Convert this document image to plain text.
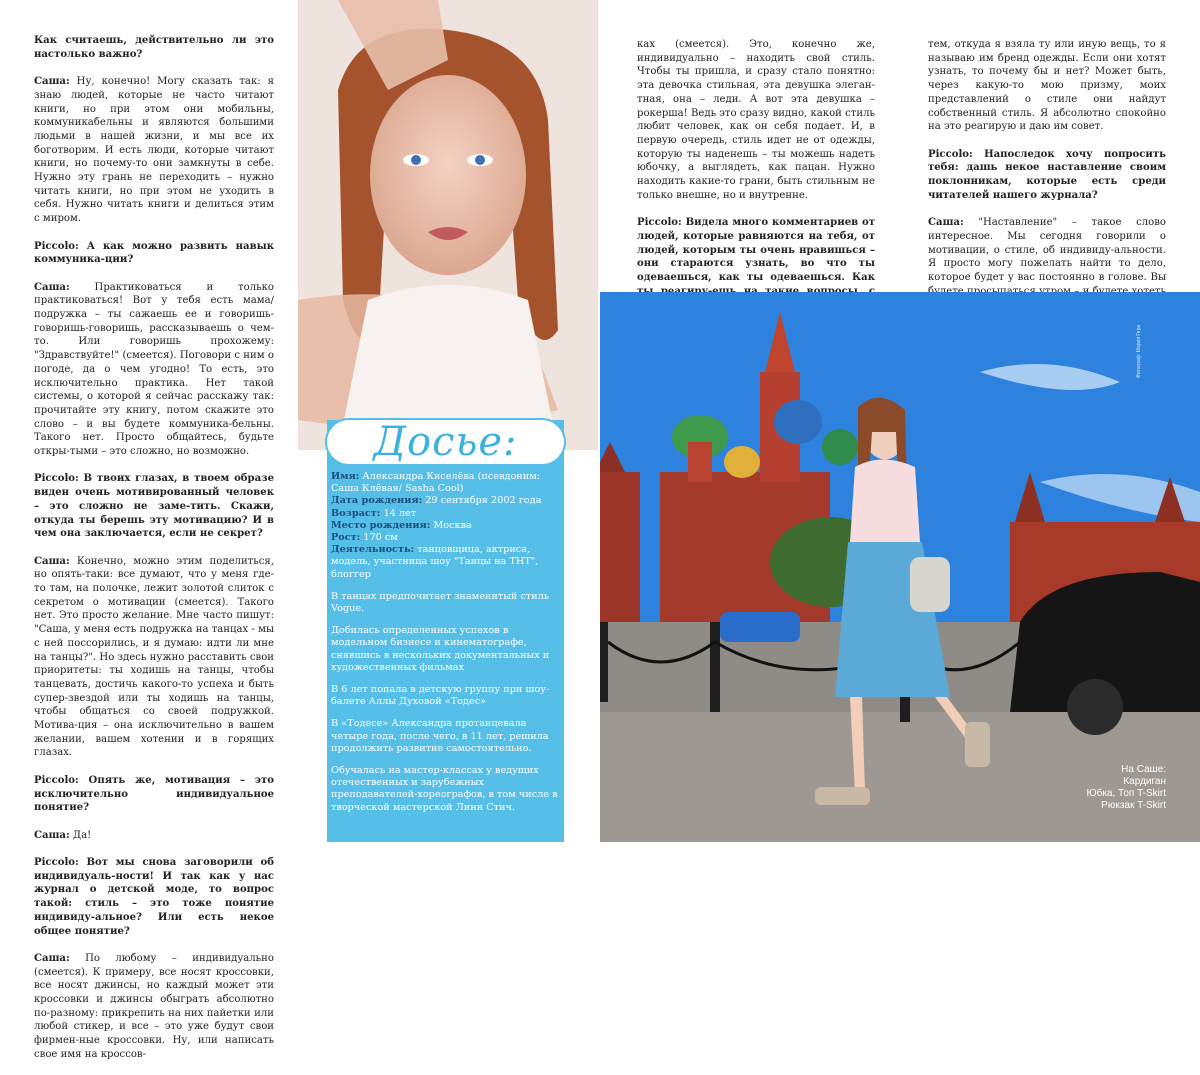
Как считаешь, действительно ли это настолько важно?

Саша: Ну, конечно! Могу сказать так: я знаю людей, которые не часто читают книги, но при этом они мобильны, коммуникабельны и являются большими людьми в нашей жизни, и мы все их боготворим. И есть люди, которые читают книги, но почему-то они замкнуты в себе. Нужно эту грань не переходить – нужно читать книги, но при этом не уходить в себя. Нужно читать книги и делиться этим с миром.

Piccolo: А как можно развить навык коммуника-ции?

Саша: Практиковаться и только практиковаться! Вот у тебя есть мама/подружка – ты сажаешь ее и говоришь-говоришь-говоришь, рассказываешь о чем-то. Или говоришь прохожему: "Здравствуйте!" (смеется). Поговори с ним о погоде, да о чем угодно! То есть, это исключительно практика. Нет такой системы, о которой я сейчас расскажу так: прочитайте эту книгу, потом скажите это слово – и вы будете коммуника-бельны. Такого нет. Просто общайтесь, будьте откры-тыми – это сложно, но возможно.

Piccolo: В твоих глазах, в твоем образе виден очень мотивированный человек – это сложно не заме-тить. Скажи, откуда ты берешь эту мотивацию? И в чем она заключается, если не секрет?

Саша: Конечно, можно этим поделиться, но опять-таки: все думают, что у меня где-то там, на полочке, лежит золотой слиток с секретом о мотивации (смеется). Такого нет. Это просто желание. Мне часто пишут: "Саша, у меня есть подружка на танцах - мы с ней поссорились, и я думаю: идти ли мне на танцы?". Но здесь нужно расставить свои приоритеты: ты ходишь на танцы, чтобы танцевать, достичь какого-то успеха и быть супер-звездой или ты ходишь на танцы, чтобы общаться со своей подружкой. Мотива-ция – она исключительно в вашем желании, вашем хотении и в горящих глазах.

Piccolo: Опять же, мотивация – это исключительно индивидуальное понятие?

Саша: Да!

Piccolo: Вот мы снова заговорили об индивидуаль-ности! И так как у нас журнал о детской моде, то вопрос такой: стиль – это тоже понятие индивиду-альное? Или есть некое общее понятие?

Саша: По любому – индивидуально (смеется). К примеру, все носят кроссовки, все носят джинсы, но каждый может эти кроссовки и джинсы обыграть абсолютно по-разному: прикрепить на них пайетки или любой стикер, и все – это уже будут свои фирмен-ные кроссовки. Ну, или написать свое имя на кроссов-

ках (смеется). Это, конечно же, индивидуально – находить свой стиль. Чтобы ты пришла, и сразу стало понятно: эта девочка стильная, эта девушка элеган-тная, она – леди. А вот эта девушка – рокерша! Ведь это сразу видно, какой стиль любит человек, как он себя подает. И, в первую очередь, стиль идет не от одежды, которую ты наденешь – ты можешь надеть юбочку, а выглядеть, как пацан. Нужно находить какие-то грани, быть стильным не только внешне, но и внутренне.

Piccolo: Видела много комментариев от людей, которые равняются на тебя, от людей, которым ты очень нравишься – они стараются узнать, во что ты одеваешься, как ты одеваешься. Как

тем, откуда я взяла ту или иную вещь, то я называю им бренд одежды. Если они хотят узнать, то почему бы и нет? Может быть, через какую-то мою призму, моих представлений о стиле они найдут собственный стиль. Я абсолютно спокойно на это реагирую и даю им совет.

Piccolo: Напоследок хочу попросить тебя: дашь некое наставление своим поклонникам, которые есть среди читателей нашего журнала?

Саша: "Наставление" – такое слово интересное. Мы сегодня говорили о мотивации, о стиле, об индивиду-альности. Я просто могу пожелать найти то дело, которое будет у вас постоянно в голове. Вы

Фотограф: Мария Гера
Досье:

Имя: Александра Киселёва (псевдоним: Саша Клёвая/ Sasha Cool)
Дата рождения: 29 сентября 2002 года
Возраст: 14 лет
Место рождения: Москва
Рост: 170 см
Деятельность: танцовщица, актриса, модель, участница шоу "Танцы на ТНТ", блоггер

В танцах предпочитает знаменитый стиль Vogue.

Добилась определенных успехов в модельном бизнесе и кинематографе, снявшись в нескольких документальных и художественных фильмах

В 6 лет попала в детскую группу при шоу-балете Аллы Духовой «Тодес»

В «Тодесе» Александра протанцевала четыре года, после чего, в 11 лет, решила продолжить развитие самостоятельно.

Обучалась на мастер-классах у ведущих отечественных и зарубежных преподавателей-хореографов, в том числе в творческой мастерской Линн Стич.

На Саше:
Кардиган
Юбка, Топ T-Skirt
Рюкзак T-Skirt
